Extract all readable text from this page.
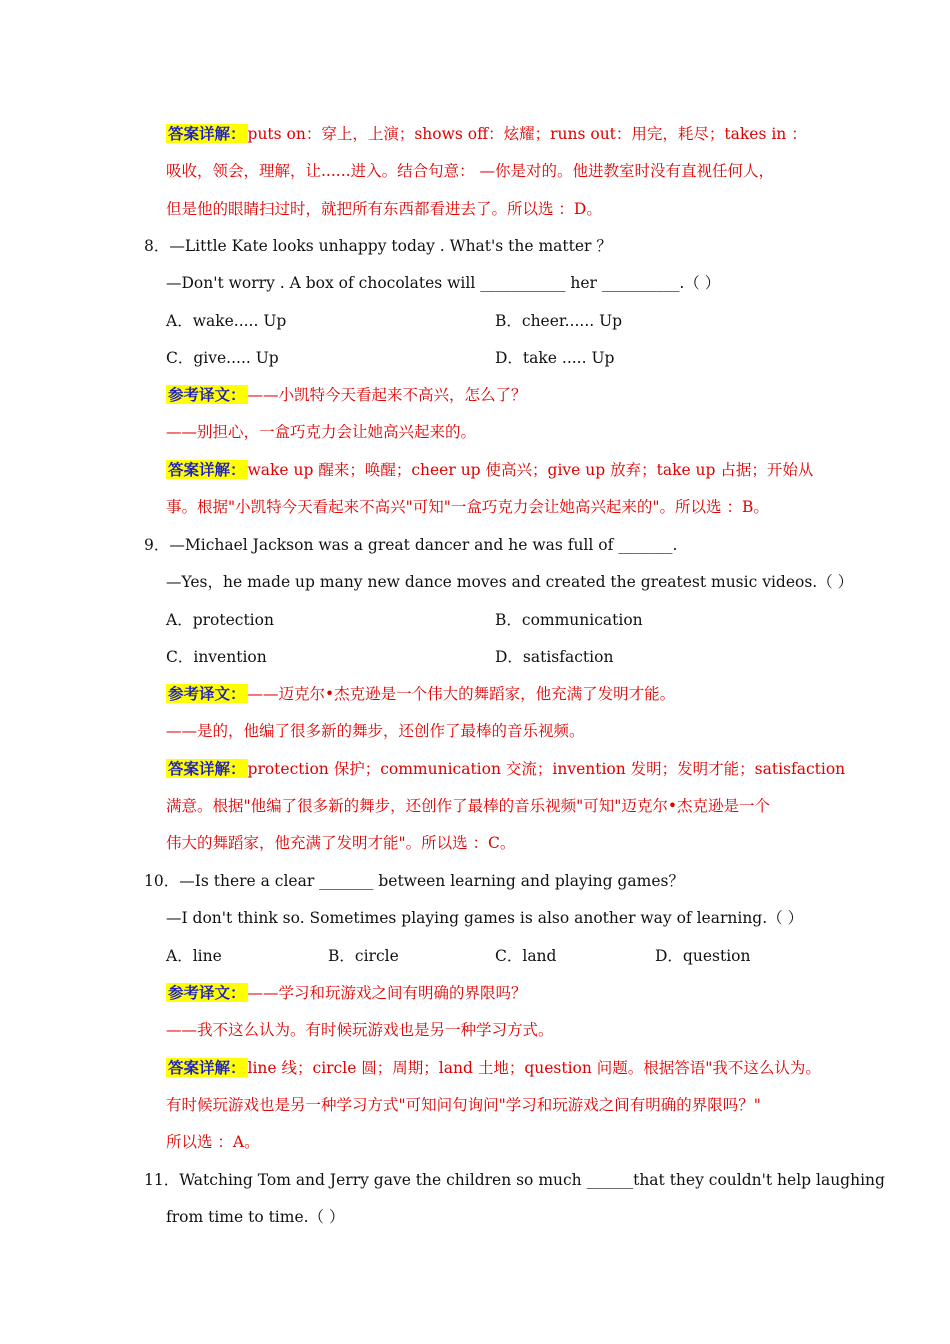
答案详解： puts on：穿上，上演；shows off：炫耀；runs out：用完，耗尽；takes in ：
吸收，领会，理解，让......进入。结合句意： —你是对的。他进教室时没有直视任何人，
但是他的眼睛扫过时，就把所有东西都看进去了。所以选 ：D。
8．—Little Kate looks unhappy today . What's the matter ？
—Don't worry . A box of chocolates will ___________ her __________.（ ）
A．wake..... Up	B．cheer...... Up
C．give..... Up	D．take ..... Up
参考译文： ——小凯特今天看起来不高兴，怎么了？
——别担心，一盒巧克力会让她高兴起来的。
答案详解： wake up 醒来；唤醒；cheer up 使高兴；give up 放弃；take up 占据；开始从
事。根据"小凯特今天看起来不高兴"可知"一盒巧克力会让她高兴起来的"。所以选 ：B。
9．—Michael Jackson was a great dancer and he was full of _______.
—Yes，he made up many new dance moves and created the greatest music videos.（ ）
A．protection	B．communication
C．invention	D．satisfaction
参考译文： ——迈克尔•杰克逊是一个伟大的舞蹈家，他充满了发明才能。
——是的，他编了很多新的舞步，还创作了最棒的音乐视频。
答案详解： protection 保护；communication 交流；invention 发明；发明才能；satisfaction
满意。根据"他编了很多新的舞步，还创作了最棒的音乐视频"可知"迈克尔•杰克逊是一个
伟大的舞蹈家，他充满了发明才能"。所以选 ：C。
10．—Is there a clear _______ between learning and playing games？
—I don't think so. Sometimes playing games is also another way of learning.（ ）
A．line	B．circle	C．land	D．question
参考译文： ——学习和玩游戏之间有明确的界限吗？
——我不这么认为。有时候玩游戏也是另一种学习方式。
答案详解： line 线；circle 圆；周期；land 土地；question 问题。根据答语"我不这么认为。
有时候玩游戏也是另一种学习方式"可知问句询问"学习和玩游戏之间有明确的界限吗？"
所以选 ：A。
11．Watching Tom and Jerry gave the children so much ______that they couldn't help laughing
from time to time.（ ）
